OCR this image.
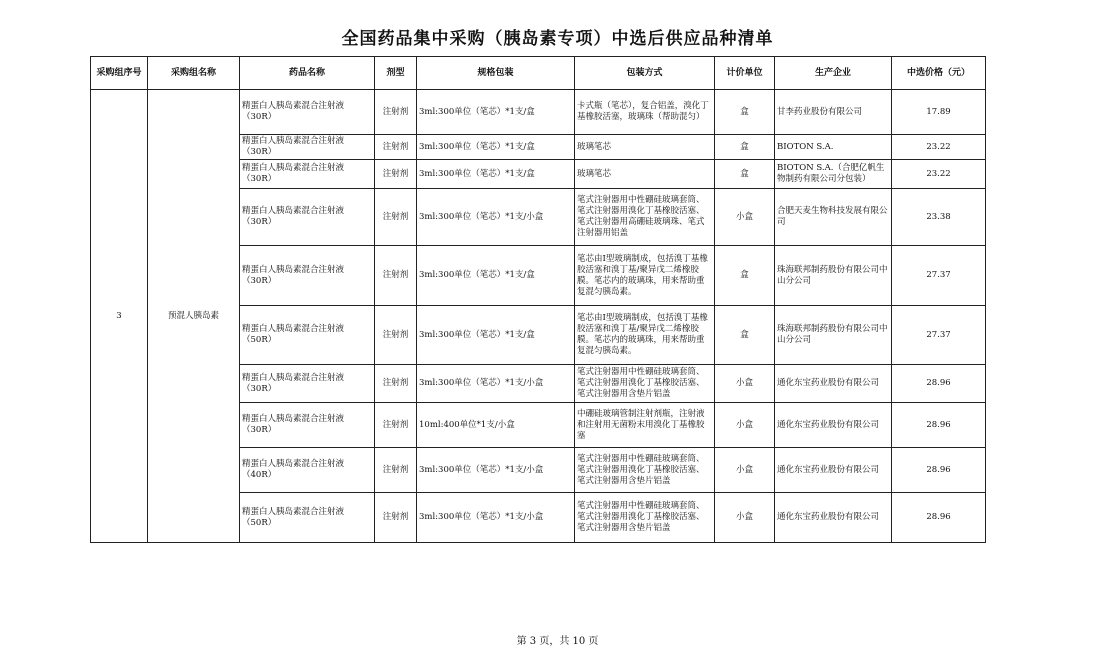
全国药品集中采购（胰岛素专项）中选后供应品种清单
采购组序号	采购组名称	药品名称	剂型	规格包装	包装方式	计价单位	生产企业	中选价格（元）
3	预混人胰岛素	精蛋白人胰岛素混合注射液（30R）	注射剂	3ml:300单位（笔芯）*1支/盒	卡式瓶（笔芯），复合铝盖，溴化丁基橡胶活塞，玻璃珠（帮助混匀）	盒	甘李药业股份有限公司	17.89
		精蛋白人胰岛素混合注射液（30R）	注射剂	3ml:300单位（笔芯）*1支/盒	玻璃笔芯	盒	BIOTON S.A.	23.22
		精蛋白人胰岛素混合注射液（30R）	注射剂	3ml:300单位（笔芯）*1支/盒	玻璃笔芯	盒	BIOTON S.A.（合肥亿帆生物制药有限公司分包装）	23.22
		精蛋白人胰岛素混合注射液（30R）	注射剂	3ml:300单位（笔芯）*1支/小盒	笔式注射器用中性硼硅玻璃套筒、笔式注射器用溴化丁基橡胶活塞、笔式注射器用高硼硅玻璃珠、笔式注射器用铝盖	小盒	合肥天麦生物科技发展有限公司	23.38
		精蛋白人胰岛素混合注射液（30R）	注射剂	3ml:300单位（笔芯）*1支/盒	笔芯由I型玻璃制成，包括溴丁基橡胶活塞和溴丁基/聚异戊二烯橡胶膜。笔芯内的玻璃珠，用来帮助重复混匀胰岛素。	盒	珠海联邦制药股份有限公司中山分公司	27.37
		精蛋白人胰岛素混合注射液（50R）	注射剂	3ml:300单位（笔芯）*1支/盒	笔芯由I型玻璃制成，包括溴丁基橡胶活塞和溴丁基/聚异戊二烯橡胶膜。笔芯内的玻璃珠，用来帮助重复混匀胰岛素。	盒	珠海联邦制药股份有限公司中山分公司	27.37
		精蛋白人胰岛素混合注射液（30R）	注射剂	3ml:300单位（笔芯）*1支/小盒	笔式注射器用中性硼硅玻璃套筒、笔式注射器用溴化丁基橡胶活塞、笔式注射器用含垫片铝盖	小盒	通化东宝药业股份有限公司	28.96
		精蛋白人胰岛素混合注射液（30R）	注射剂	10ml:400单位*1支/小盒	中硼硅玻璃管制注射剂瓶，注射液和注射用无菌粉末用溴化丁基橡胶塞	小盒	通化东宝药业股份有限公司	28.96
		精蛋白人胰岛素混合注射液（40R）	注射剂	3ml:300单位（笔芯）*1支/小盒	笔式注射器用中性硼硅玻璃套筒、笔式注射器用溴化丁基橡胶活塞、笔式注射器用含垫片铝盖	小盒	通化东宝药业股份有限公司	28.96
		精蛋白人胰岛素混合注射液（50R）	注射剂	3ml:300单位（笔芯）*1支/小盒	笔式注射器用中性硼硅玻璃套筒、笔式注射器用溴化丁基橡胶活塞、笔式注射器用含垫片铝盖	小盒	通化东宝药业股份有限公司	28.96
第 3 页，共 10 页
